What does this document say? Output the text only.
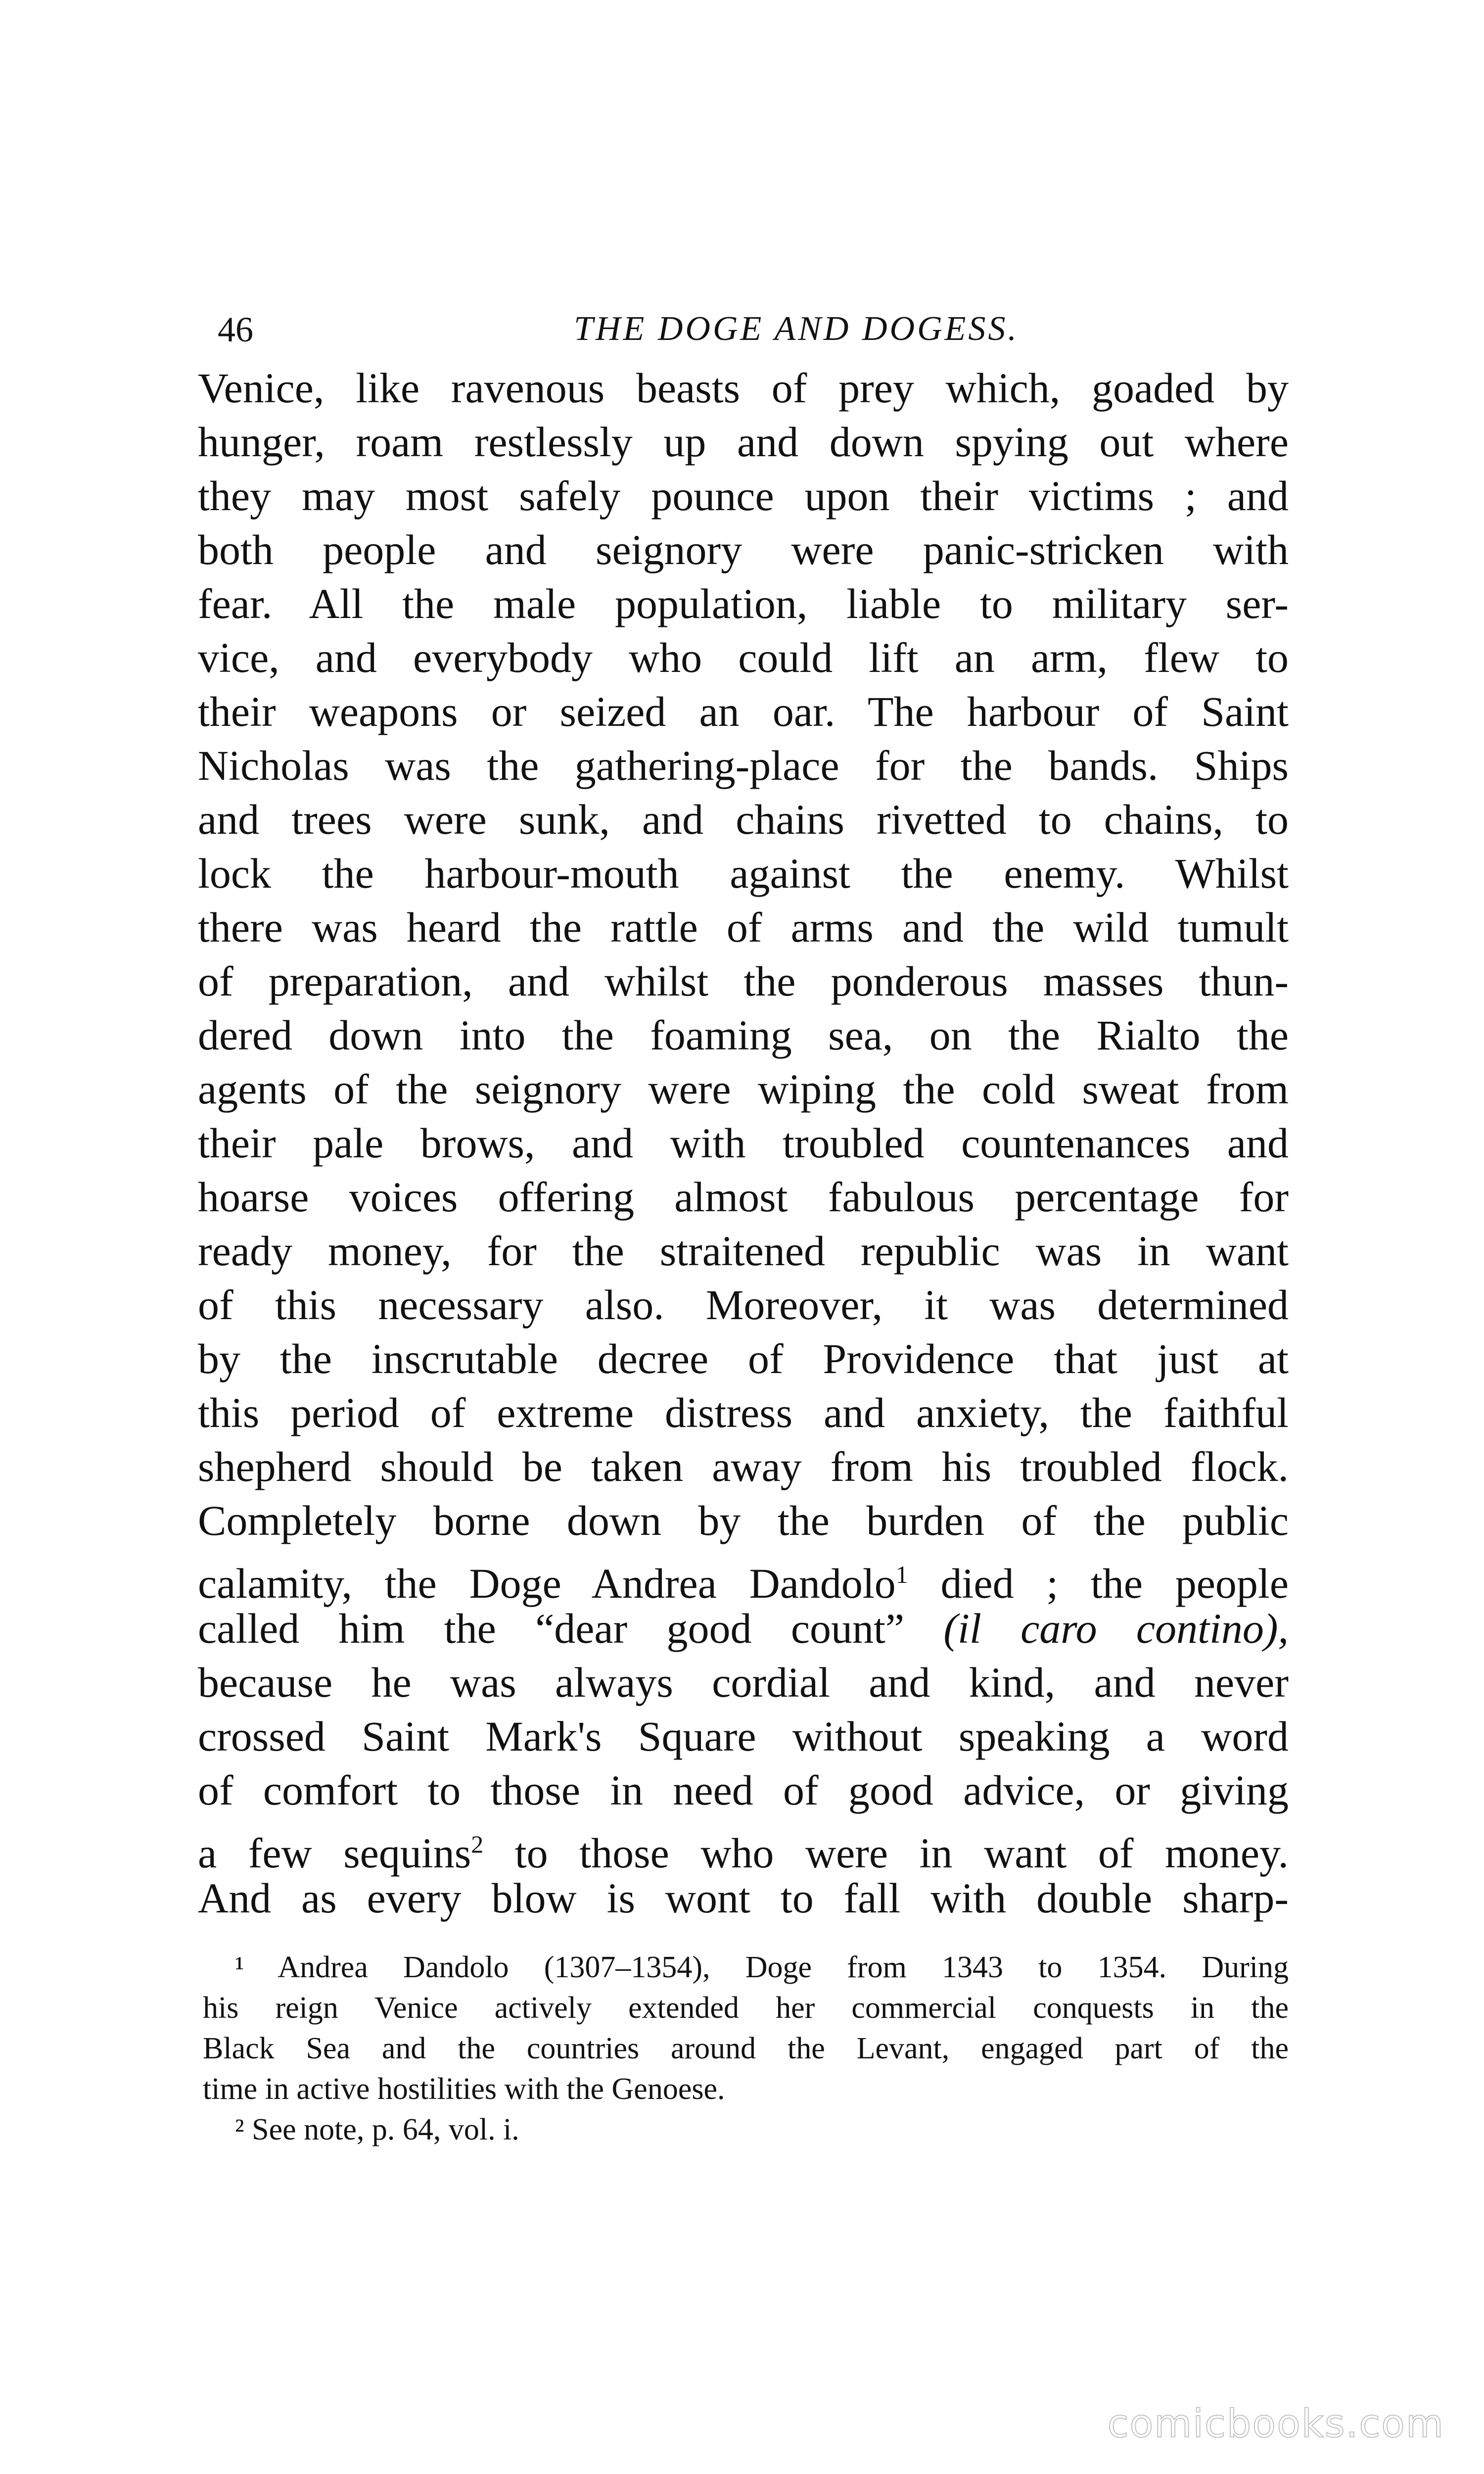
46	THE DOGE AND DOGESS.
Venice, like ravenous beasts of prey which, goaded by
hunger, roam restlessly up and down spying out where
they may most safely pounce upon their victims ; and
both people and seignory were panic-stricken with
fear. All the male population, liable to military ser-
vice, and everybody who could lift an arm, flew to
their weapons or seized an oar. The harbour of Saint
Nicholas was the gathering-place for the bands. Ships
and trees were sunk, and chains rivetted to chains, to
lock the harbour-mouth against the enemy. Whilst
there was heard the rattle of arms and the wild tumult
of preparation, and whilst the ponderous masses thun-
dered down into the foaming sea, on the Rialto the
agents of the seignory were wiping the cold sweat from
their pale brows, and with troubled countenances and
hoarse voices offering almost fabulous percentage for
ready money, for the straitened republic was in want
of this necessary also. Moreover, it was determined
by the inscrutable decree of Providence that just at
this period of extreme distress and anxiety, the faithful
shepherd should be taken away from his troubled flock.
Completely borne down by the burden of the public
calamity, the Doge Andrea Dandolo$^1$ died ; the people
called him the “dear good count” (il caro contino),
because he was always cordial and kind, and never
crossed Saint Mark's Square without speaking a word
of comfort to those in need of good advice, or giving
a few sequins$^2$ to those who were in want of money.
And as every blow is wont to fall with double sharp-
¹ Andrea Dandolo (1307–1354), Doge from 1343 to 1354. During
his reign Venice actively extended her commercial conquests in the
Black Sea and the countries around the Levant, engaged part of the
time in active hostilities with the Genoese.
² See note, p. 64, vol. i.
comicbooks.com
